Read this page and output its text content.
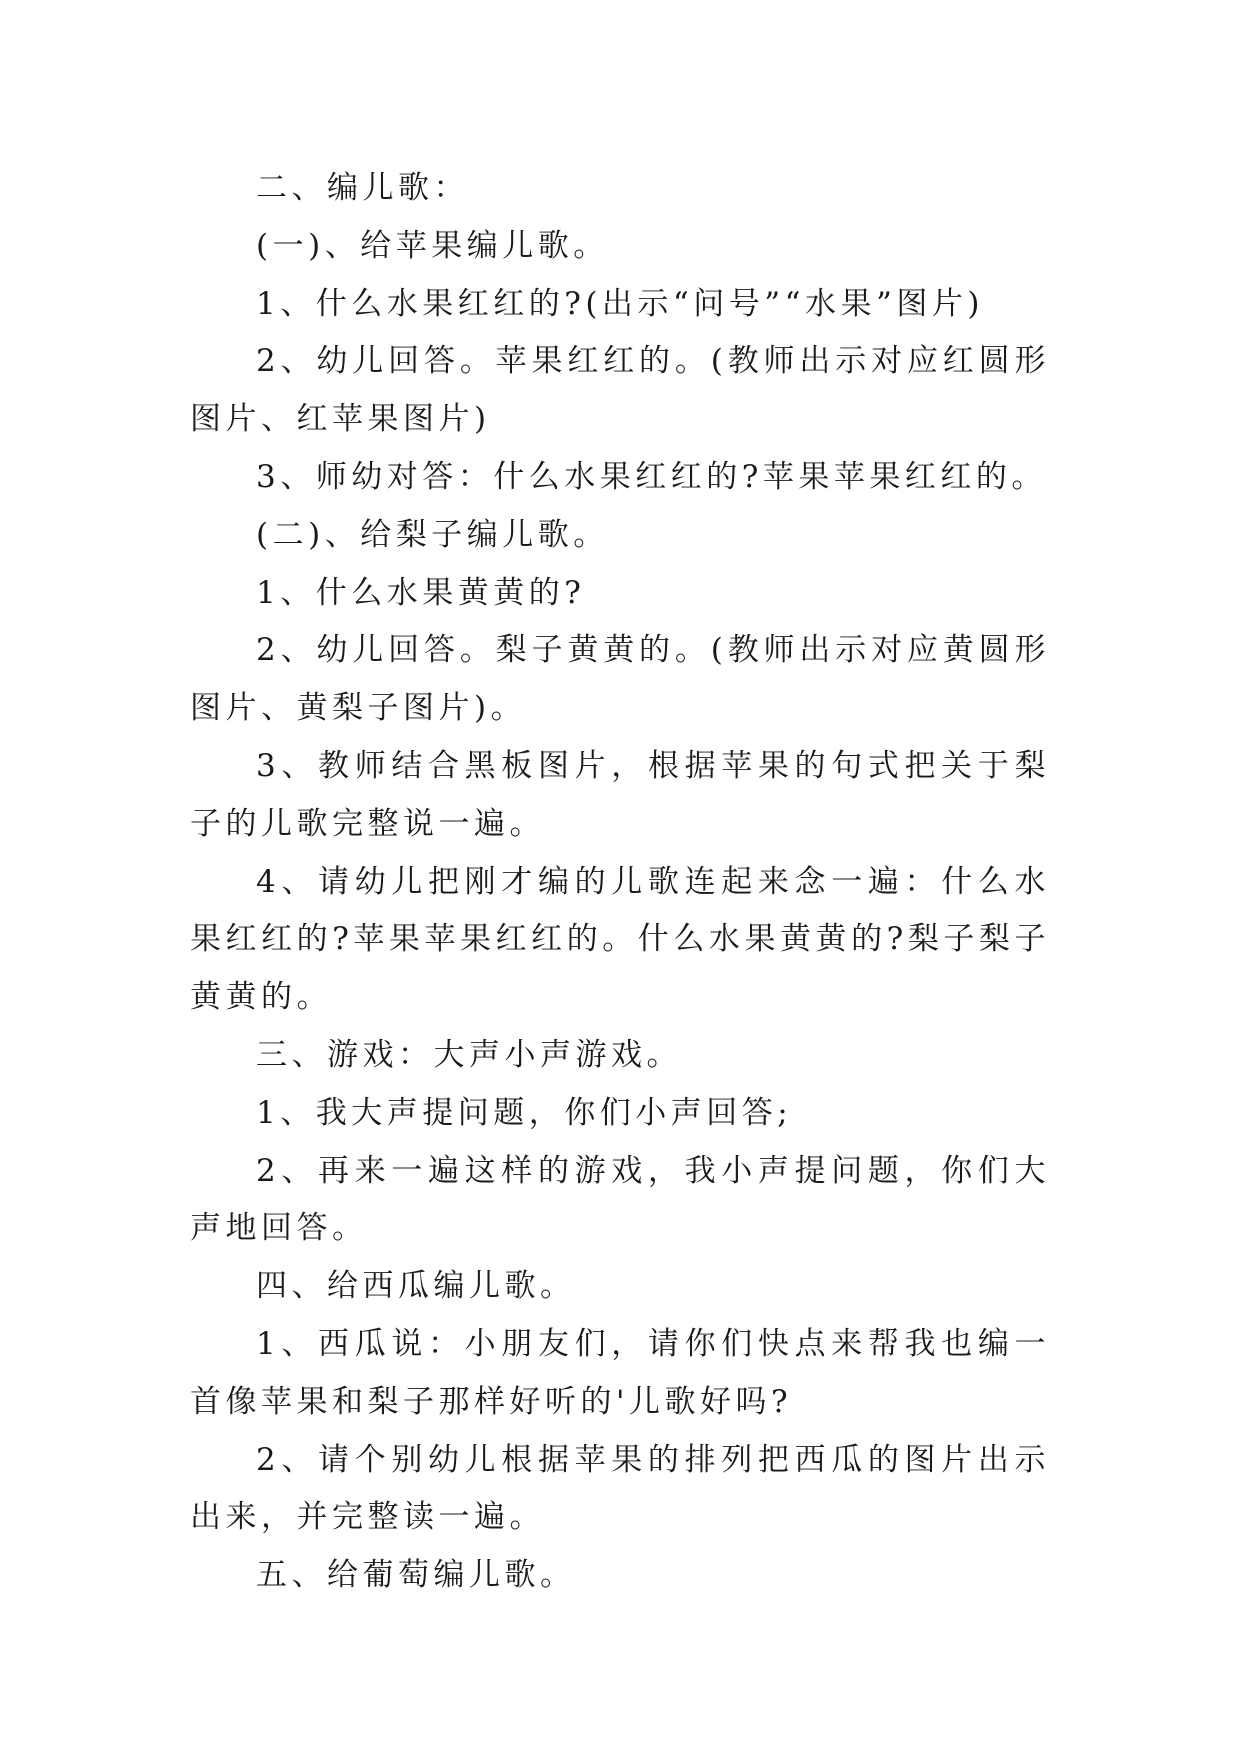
二、编儿歌：

(一)、给苹果编儿歌。

1、什么水果红红的?(出示“问号”“水果”图片)

2、幼儿回答。苹果红红的。(教师出示对应红圆形图片、红苹果图片)

3、师幼对答：什么水果红红的?苹果苹果红红的。

(二)、给梨子编儿歌。

1、什么水果黄黄的?

2、幼儿回答。梨子黄黄的。(教师出示对应黄圆形图片、黄梨子图片)。

3、教师结合黑板图片，根据苹果的句式把关于梨子的儿歌完整说一遍。

4、请幼儿把刚才编的儿歌连起来念一遍：什么水果红红的?苹果苹果红红的。什么水果黄黄的?梨子梨子黄黄的。

三、游戏：大声小声游戏。

1、我大声提问题，你们小声回答;

2、再来一遍这样的游戏，我小声提问题，你们大声地回答。

四、给西瓜编儿歌。

1、西瓜说：小朋友们，请你们快点来帮我也编一首像苹果和梨子那样好听的'儿歌好吗?

2、请个别幼儿根据苹果的排列把西瓜的图片出示出来，并完整读一遍。

五、给葡萄编儿歌。
